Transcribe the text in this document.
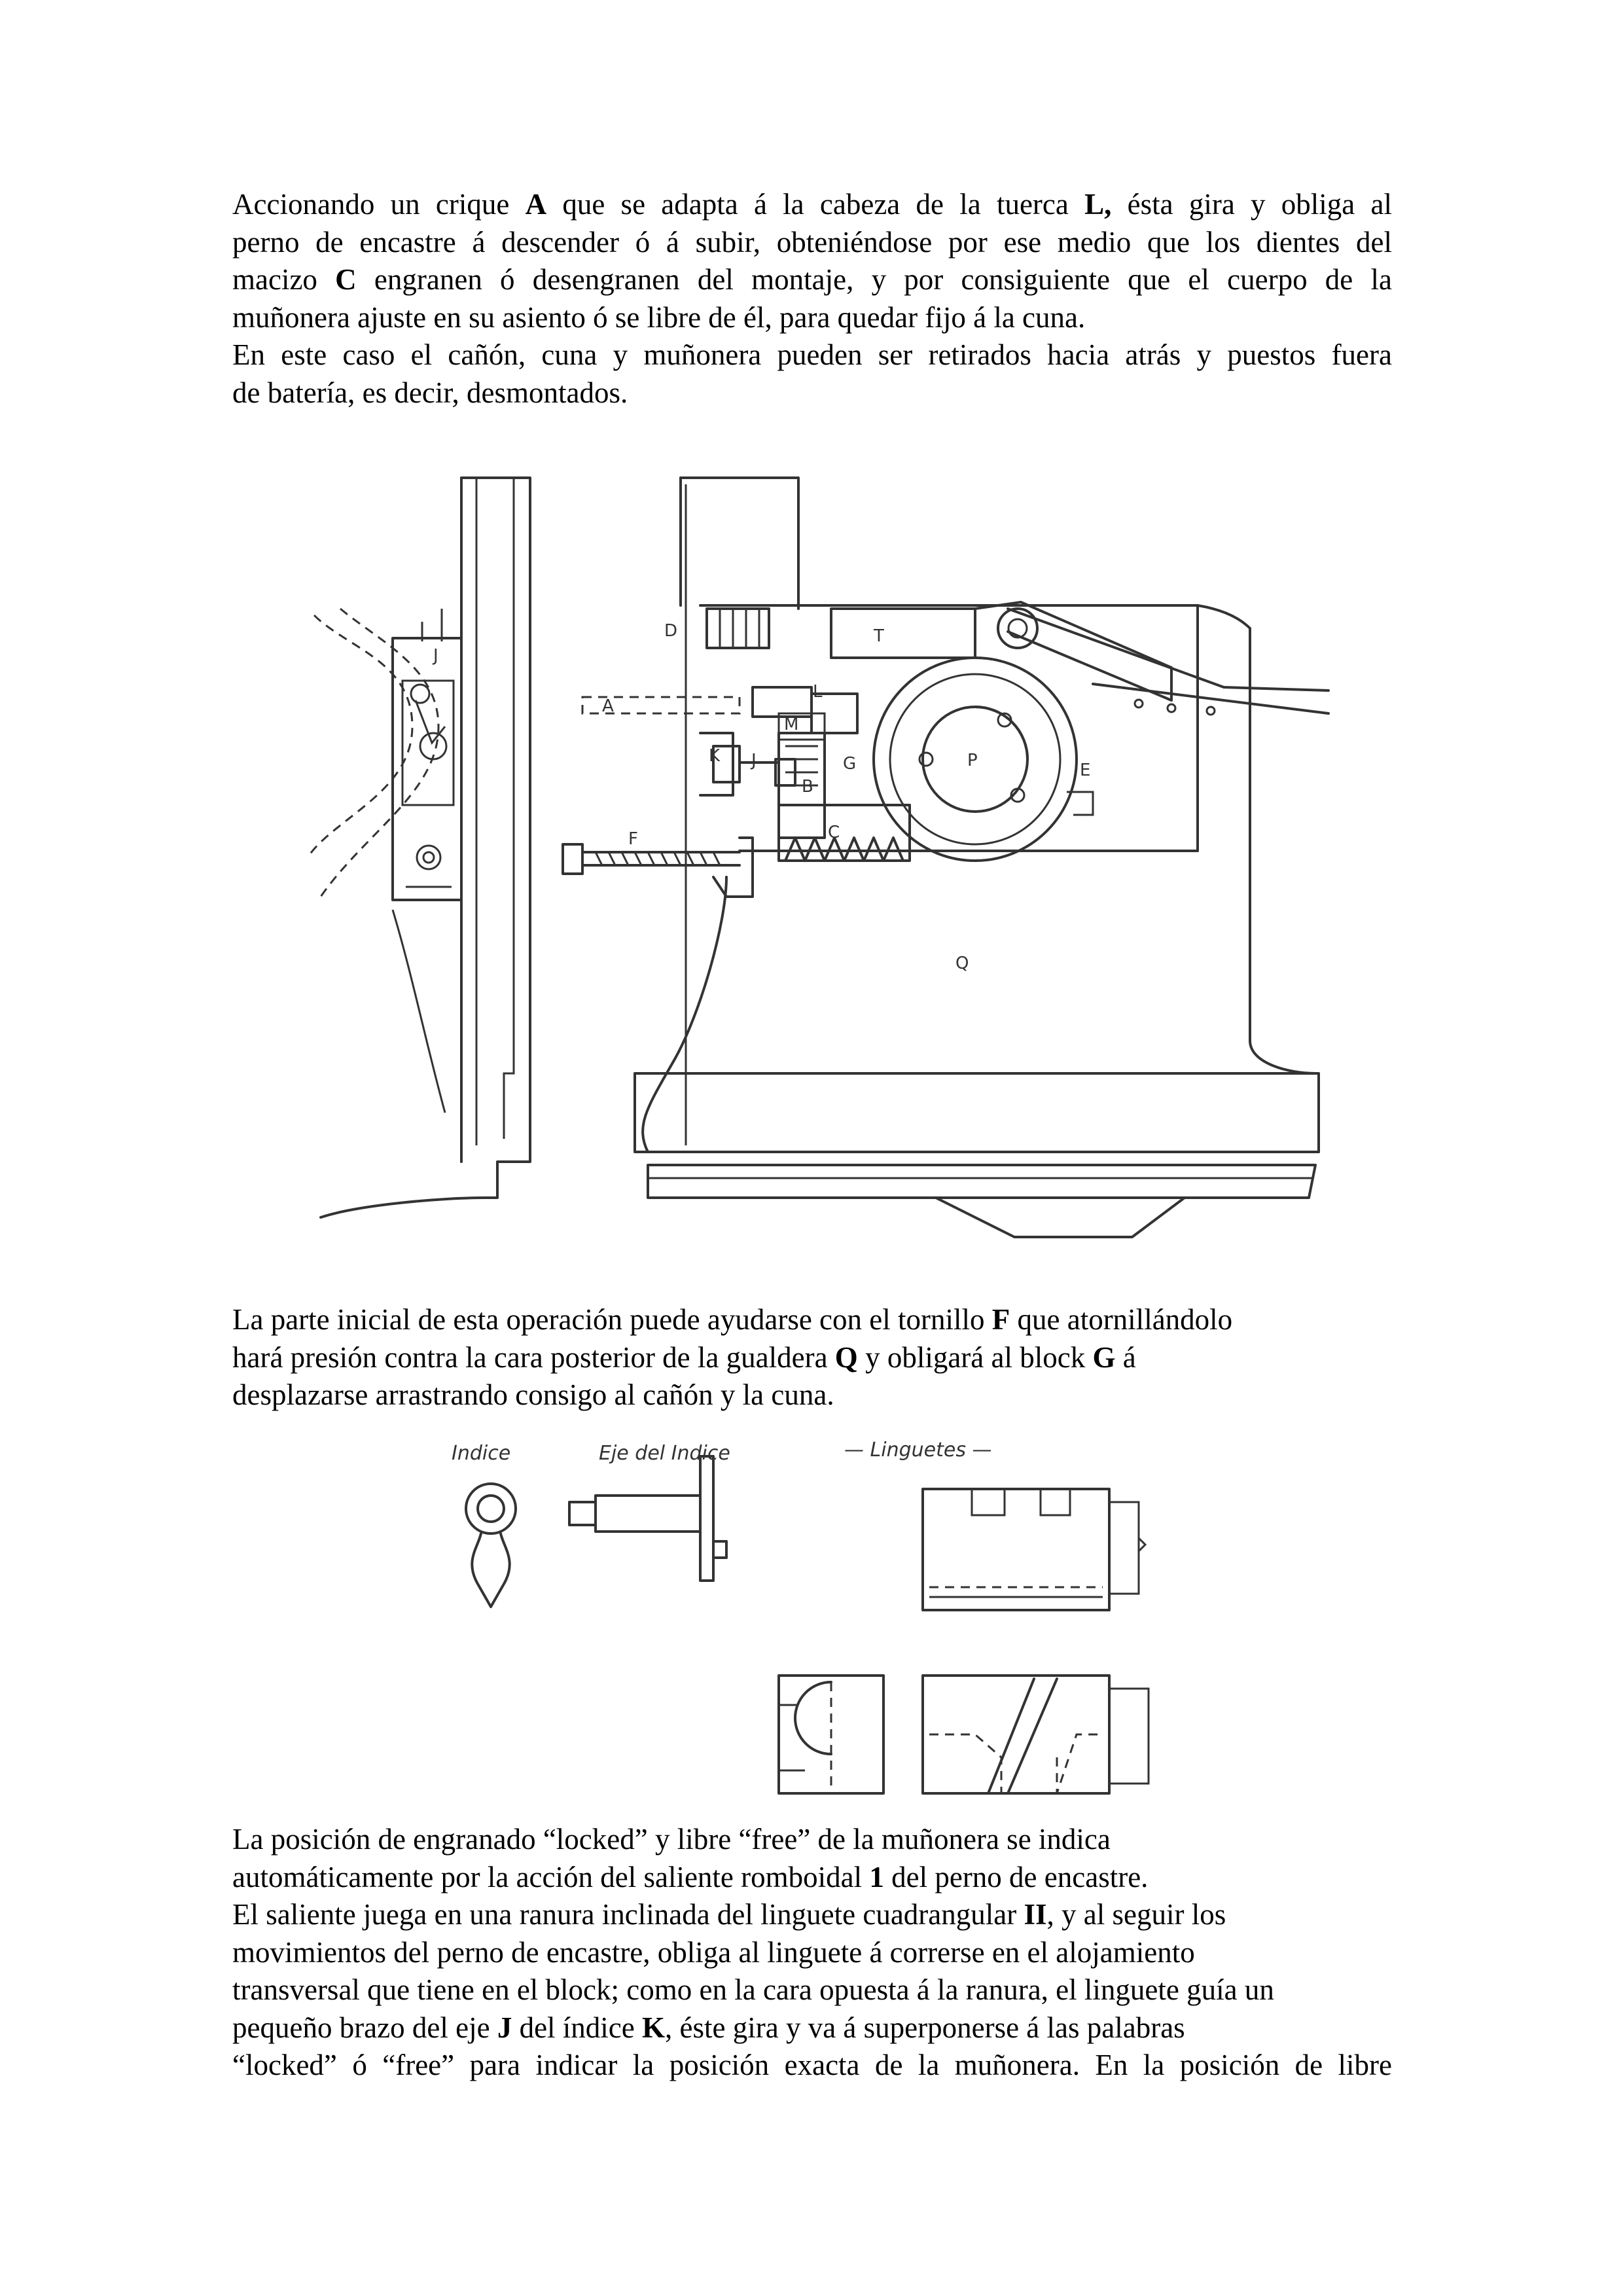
Accionando un crique A que se adapta á la cabeza de la tuerca L, ésta gira y obliga al

perno de encastre á descender ó á subir, obteniéndose por ese medio que los dientes del

macizo C engranen ó desengranen del montaje, y por consiguiente que el cuerpo de la

muñonera ajuste en su asiento ó se libre de él, para quedar fijo á la cuna.

En este caso el cañón, cuna y muñonera pueden ser retirados hacia atrás y puestos fuera

de batería, es decir, desmontados.

J
T
D
A
L
M
K J	G
B
C
P	E
F
Q

La parte inicial de esta operación puede ayudarse con el tornillo F que atornillándolo

hará presión contra la cara posterior de la gualdera Q y obligará al block G á

desplazarse arrastrando consigo al cañón y la cuna.

Indice	Eje del Indice	— Linguetes —

La posición de engranado “locked” y libre “free” de la muñonera se indica

automáticamente por la acción del saliente romboidal 1 del perno de encastre.

El saliente juega en una ranura inclinada del linguete cuadrangular II, y al seguir los

movimientos del perno de encastre, obliga al linguete á correrse en el alojamiento

transversal que tiene en el block; como en la cara opuesta á la ranura, el linguete guía un

pequeño brazo del eje J del índice K, éste gira y va á superponerse á las palabras

“locked” ó “free” para indicar la posición exacta de la muñonera. En la posición de libre
